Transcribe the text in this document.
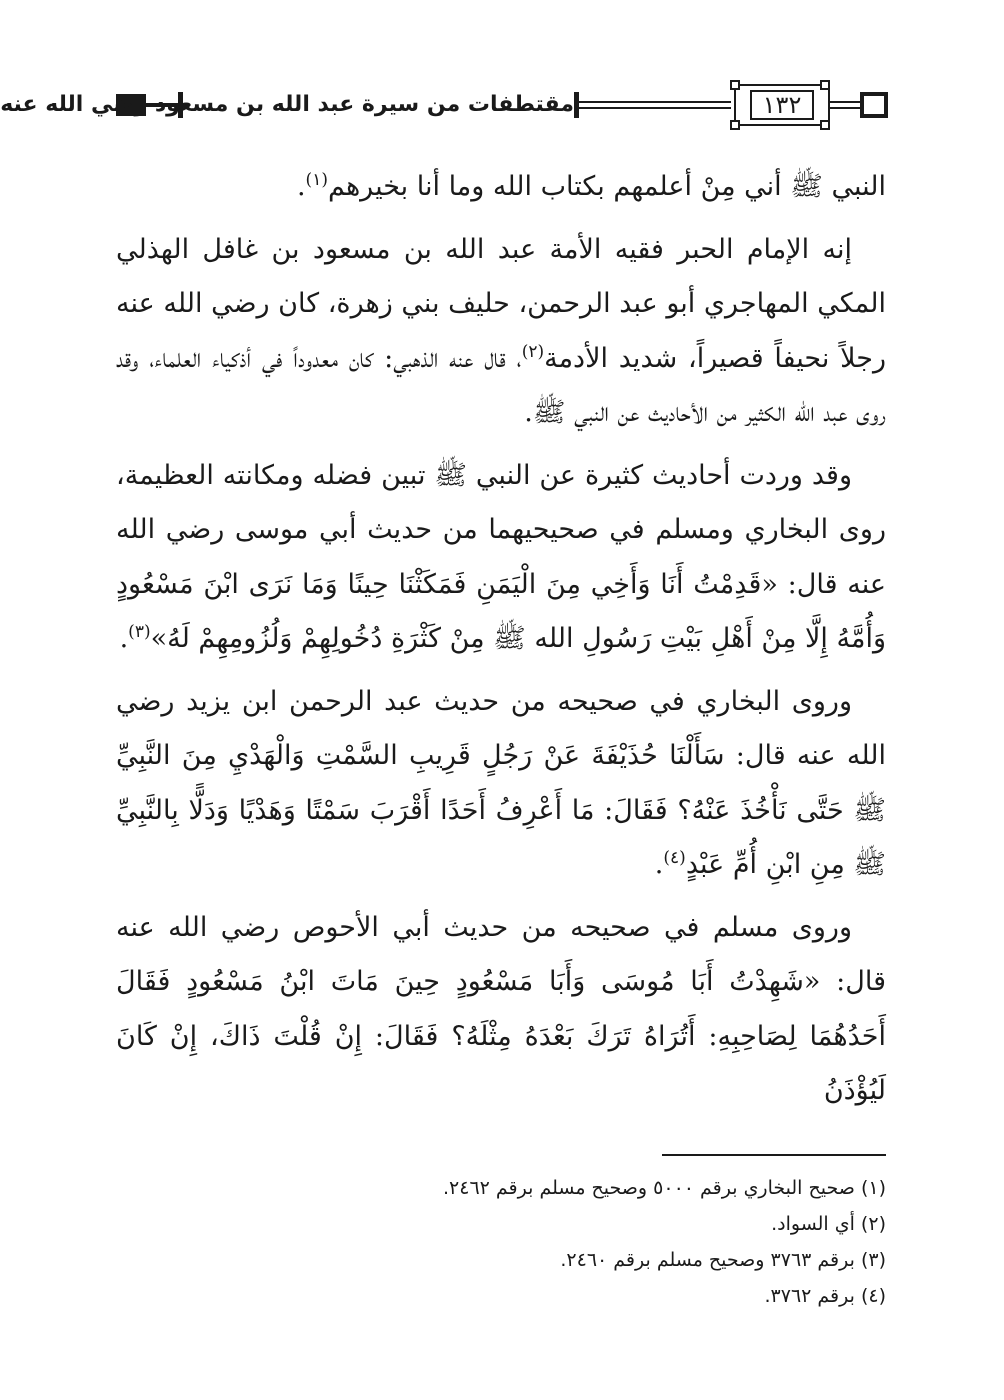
مقتطفات من سيرة عبد الله بن مسعود رضي الله عنه	١٣٢

النبي ﷺ أني مِنْ أعلمهم بكتاب الله وما أنا بخيرهم$^{(١)}$.

إنه الإمام الحبر فقيه الأمة عبد الله بن مسعود بن غافل الهذلي المكي المهاجري أبو عبد الرحمن، حليف بني زهرة، كان رضي الله عنه رجلاً نحيفاً قصيراً، شديد الأدمة$^{(٢)}$، قال عنه الذهبي: كان معدوداً في أذكياء العلماء، وقد روى عبد الله الكثير من الأحاديث عن النبي ﷺ.

وقد وردت أحاديث كثيرة عن النبي ﷺ تبين فضله ومكانته العظيمة، روى البخاري ومسلم في صحيحيهما من حديث أبي موسى رضي الله عنه قال: «قَدِمْتُ أَنَا وَأَخِي مِنَ الْيَمَنِ فَمَكَثْنَا حِينًا وَمَا نَرَى ابْنَ مَسْعُودٍ وَأُمَّهُ إِلَّا مِنْ أَهْلِ بَيْتِ رَسُولِ الله ﷺ مِنْ كَثْرَةِ دُخُولِهِمْ وَلُزُومِهِمْ لَهُ»$^{(٣)}$.

وروى البخاري في صحيحه من حديث عبد الرحمن ابن يزيد رضي الله عنه قال: سَأَلْنَا حُذَيْفَةَ عَنْ رَجُلٍ قَرِيبِ السَّمْتِ وَالْهَدْيِ مِنَ النَّبِيِّ ﷺ حَتَّى نَأْخُذَ عَنْهُ؟ فَقَالَ: مَا أَعْرِفُ أَحَدًا أَقْرَبَ سَمْتًا وَهَدْيًا وَدَلًّا بِالنَّبِيِّ ﷺ مِنِ ابْنِ أُمِّ عَبْدٍ$^{(٤)}$.

وروى مسلم في صحيحه من حديث أبي الأحوص رضي الله عنه قال: «شَهِدْتُ أَبَا مُوسَى وَأَبَا مَسْعُودٍ حِينَ مَاتَ ابْنُ مَسْعُودٍ فَقَالَ أَحَدُهُمَا لِصَاحِبِهِ: أَتُرَاهُ تَرَكَ بَعْدَهُ مِثْلَهُ؟ فَقَالَ: إِنْ قُلْتَ ذَاكَ، إِنْ كَانَ لَيُؤْذَنُ

(١) صحيح البخاري برقم ٥٠٠٠ وصحيح مسلم برقم ٢٤٦٢.

(٢) أي السواد.

(٣) برقم ٣٧٦٣ وصحيح مسلم برقم ٢٤٦٠.

(٤) برقم ٣٧٦٢.
